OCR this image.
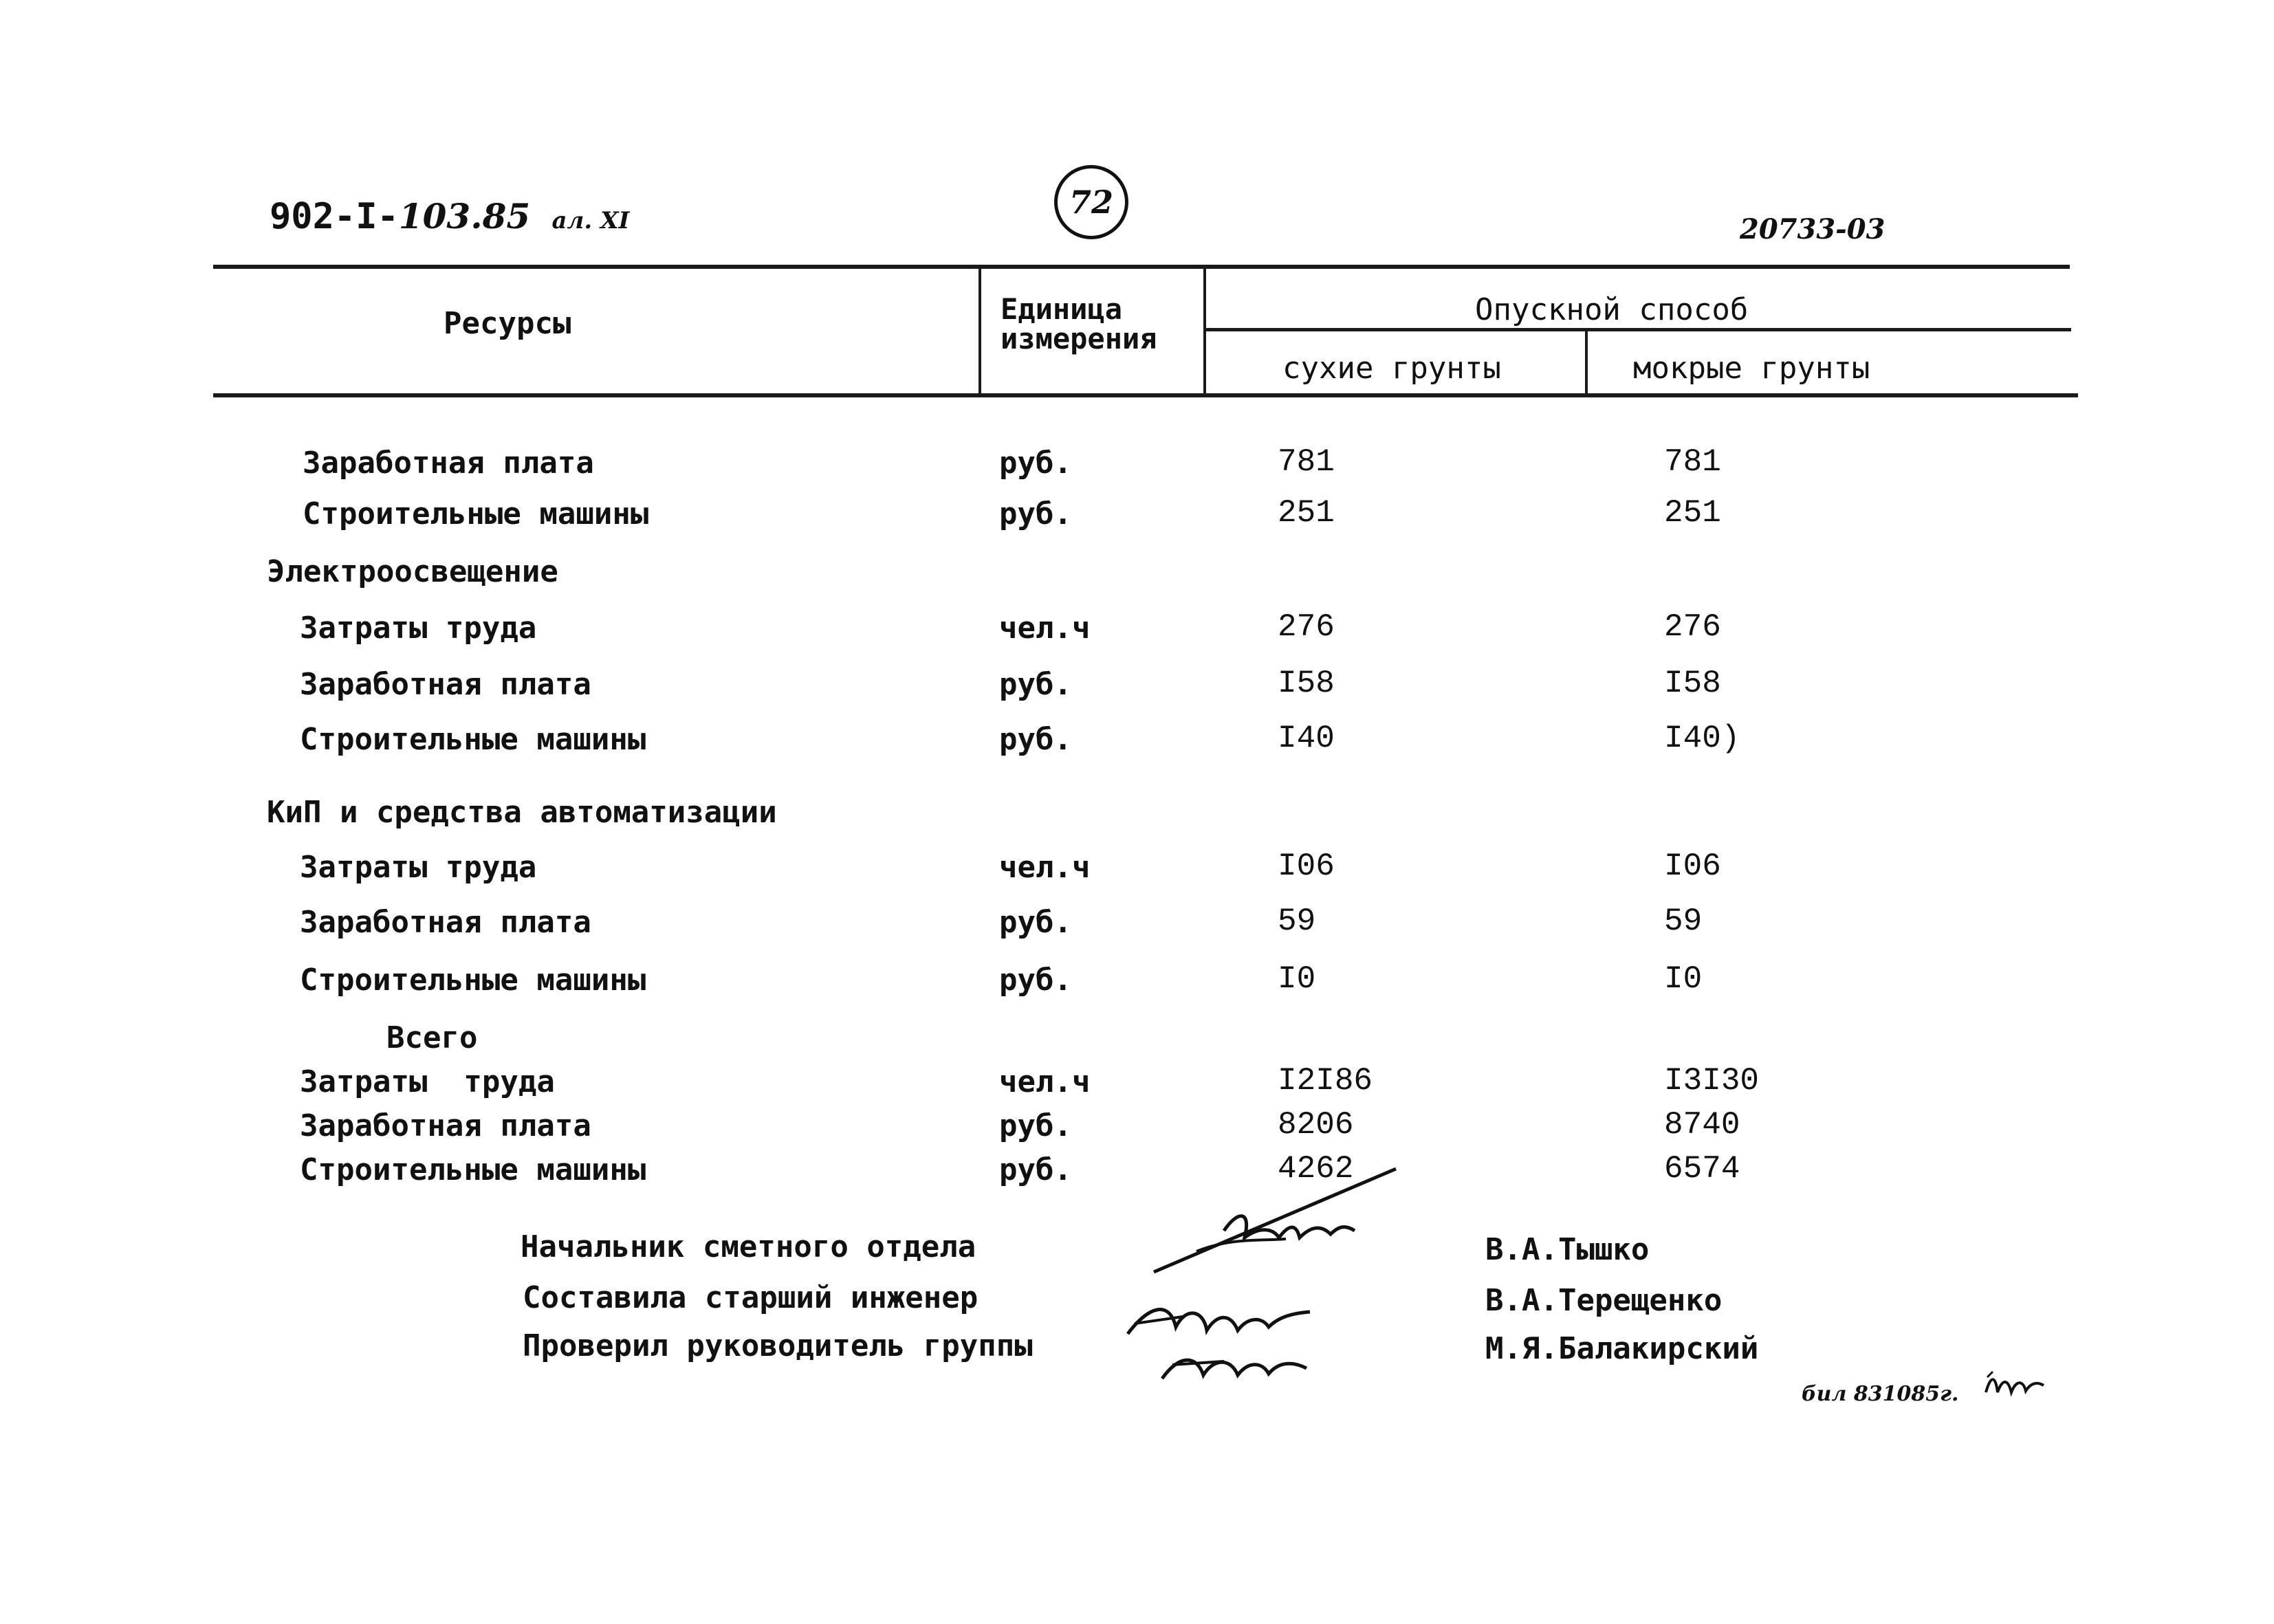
902-I-103.85 ал. XI	72
20733-03
Ресурсы	Единица
измерения
Опускной способ
сухие грунты	мокрые грунты
Заработная плата	руб.	781	781
Строительные машины	руб.	251	251
Электроосвещение
Затраты труда	чел.ч	276	276
Заработная плата	руб.	I58	I58
Строительные машины	руб.	I40	I40)
КиП и средства автоматизации
Затраты труда	чел.ч	I06	I06
Заработная плата	руб.	59	59
Строительные машины	руб.	I0	I0
Всего
Затраты  труда	чел.ч	I2I86	I3I30
Заработная плата	руб.	8206	8740
Строительные машины	руб.	4262	6574
Начальник сметного отдела	В.А.Тышко
Составила старший инженер	В.А.Терещенко
Проверил руководитель группы	М.Я.Балакирский
бил 831085г.
